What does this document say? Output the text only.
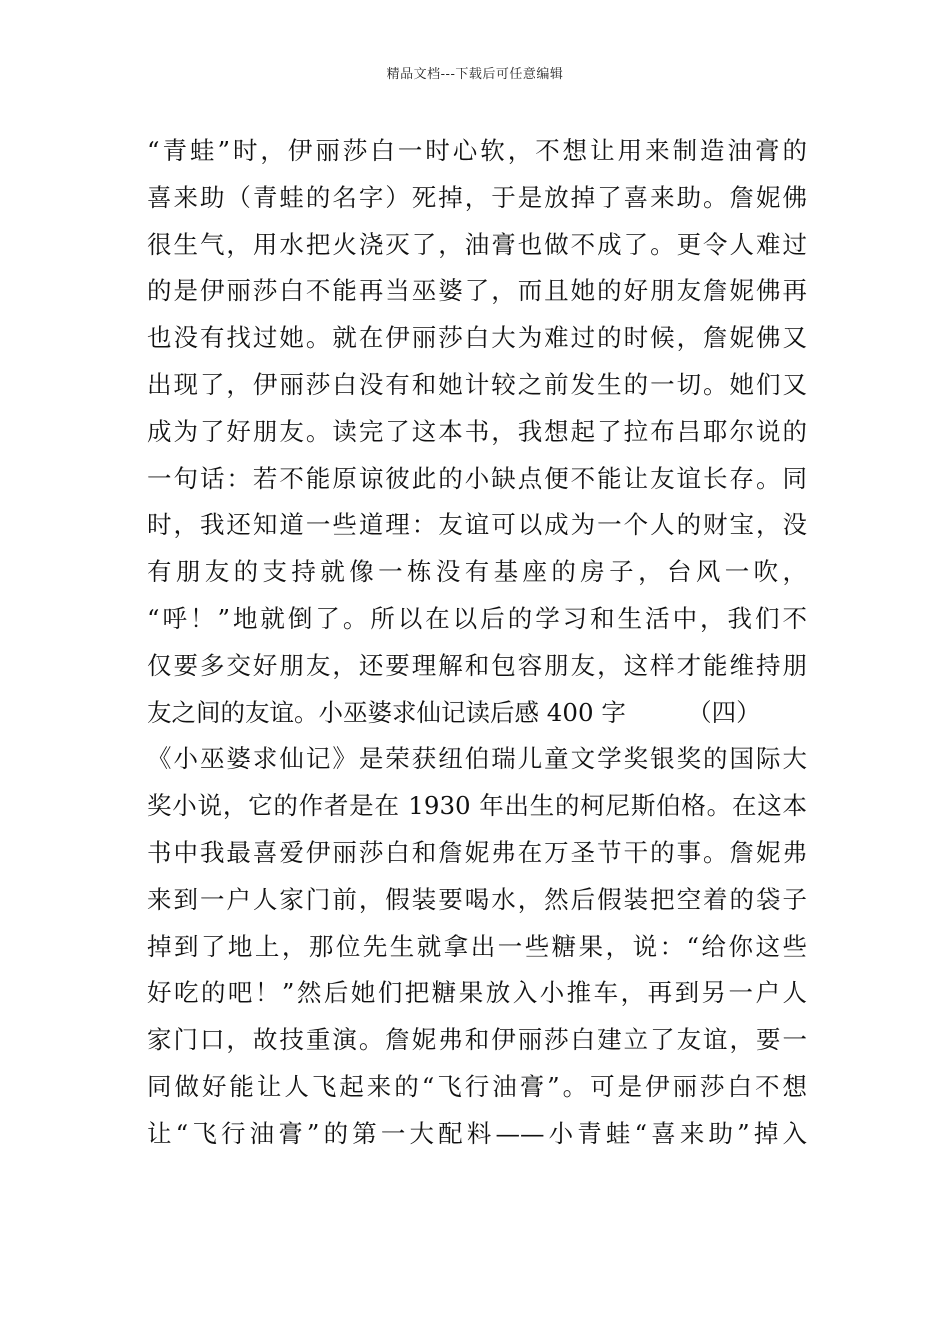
精品文档---下载后可任意编辑
“青蛙”时，伊丽莎白一时心软，不想让用来制造油膏的
喜来助（青蛙的名字）死掉，于是放掉了喜来助。詹妮佛
很生气，用水把火浇灭了，油膏也做不成了。更令人难过
的是伊丽莎白不能再当巫婆了，而且她的好朋友詹妮佛再
也没有找过她。就在伊丽莎白大为难过的时候，詹妮佛又
出现了，伊丽莎白没有和她计较之前发生的一切。她们又
成为了好朋友。读完了这本书，我想起了拉布吕耶尔说的
一句话：若不能原谅彼此的小缺点便不能让友谊长存。同
时，我还知道一些道理：友谊可以成为一个人的财宝，没
有朋友的支持就像一栋没有基座的房子，台风一吹，
“呼！”地就倒了。所以在以后的学习和生活中，我们不
仅要多交好朋友，还要理解和包容朋友，这样才能维持朋
友之间的友谊。小巫婆求仙记读后感 400 字　　　（四）
《小巫婆求仙记》是荣获纽伯瑞儿童文学奖银奖的国际大
奖小说，它的作者是在 1930 年出生的柯尼斯伯格。在这本
书中我最喜爱伊丽莎白和詹妮弗在万圣节干的事。詹妮弗
来到一户人家门前，假装要喝水，然后假装把空着的袋子
掉到了地上，那位先生就拿出一些糖果，说：“给你这些
好吃的吧！”然后她们把糖果放入小推车，再到另一户人
家门口，故技重演。詹妮弗和伊丽莎白建立了友谊，要一
同做好能让人飞起来的“飞行油膏”。可是伊丽莎白不想
让“飞行油膏”的第一大配料——小青蛙“喜来助”掉入
